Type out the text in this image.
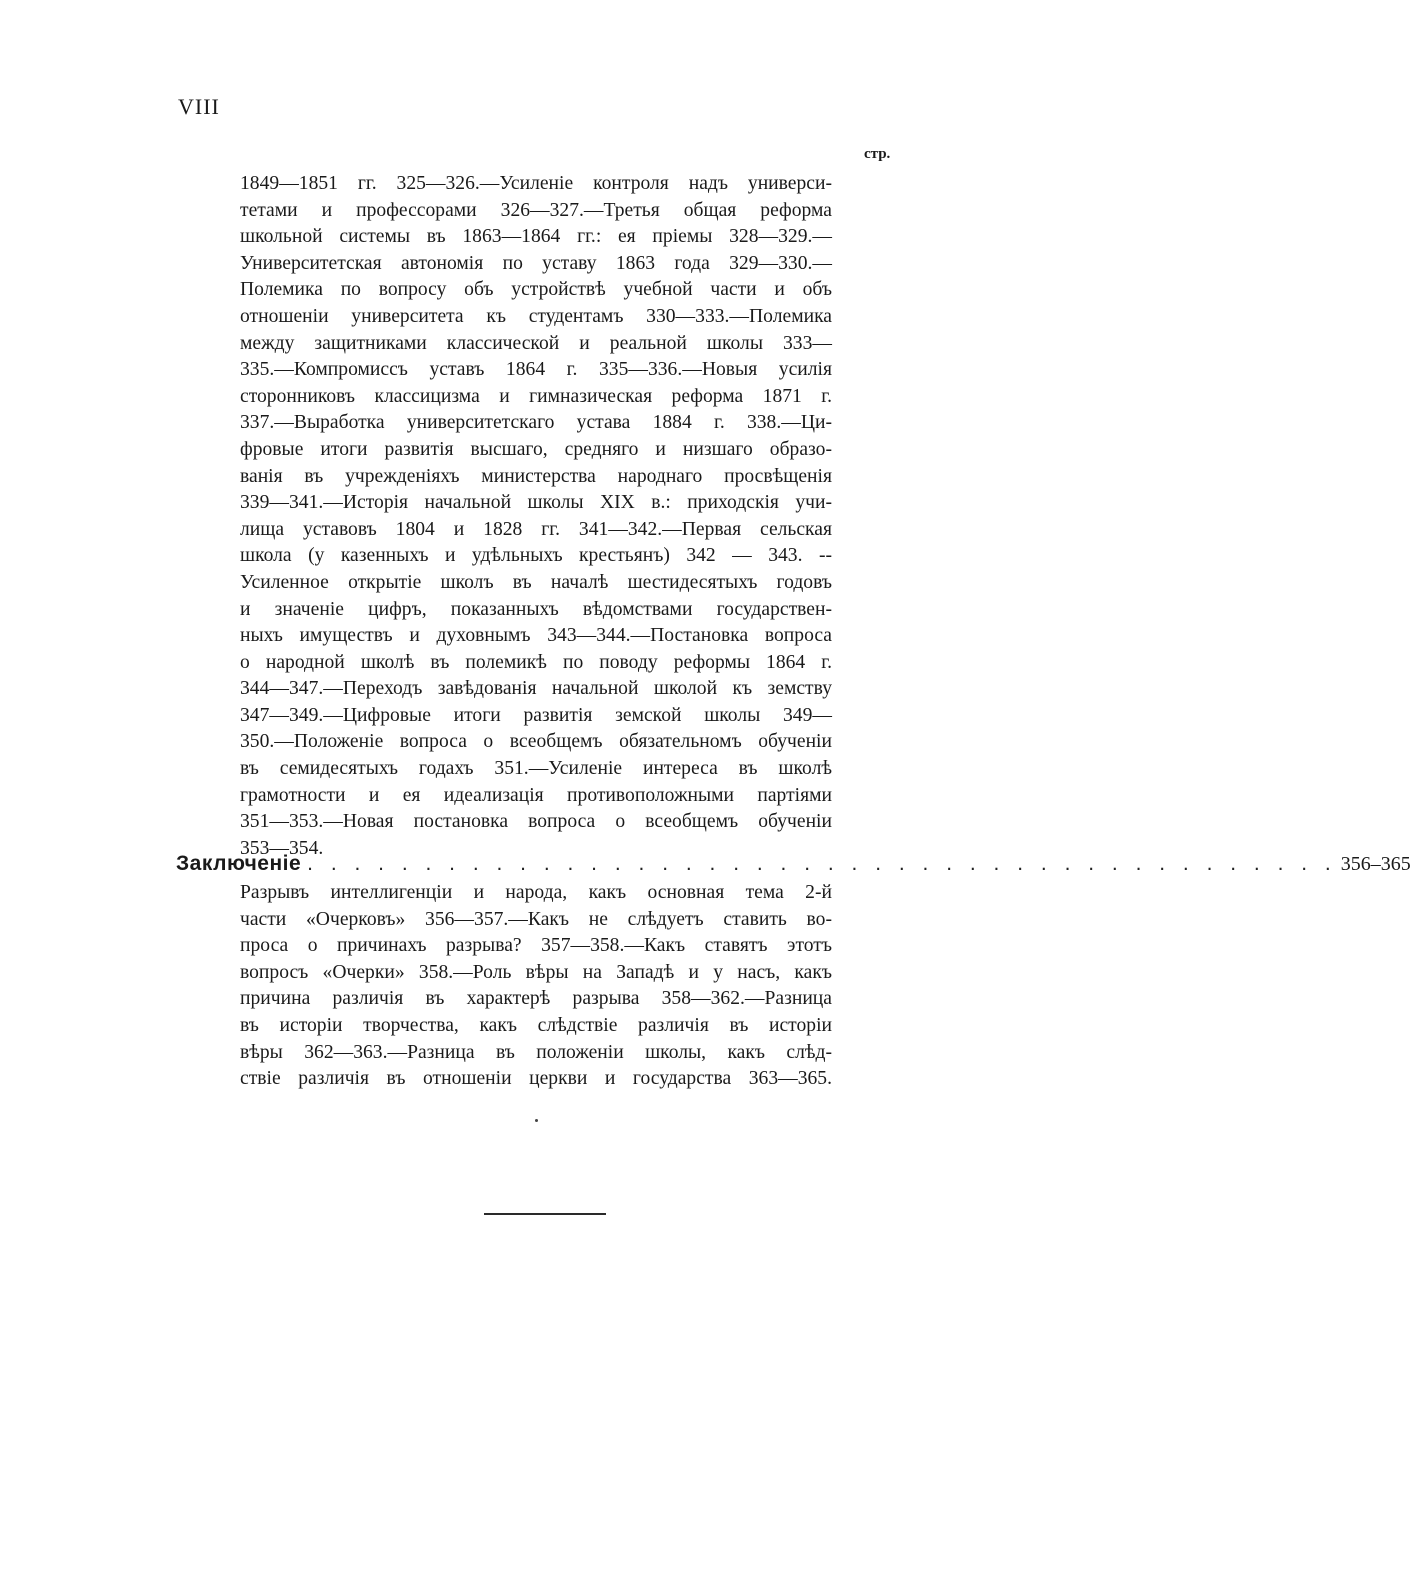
VIII
стр.
1849—1851 гг. 325—326.—Усиленіе контроля надъ универси-
тетами и профессорами 326—327.—Третья общая реформа
школьной системы въ 1863—1864 гг.: ея пріемы 328—329.—
Университетская автономія по уставу 1863 года 329—330.—
Полемика по вопросу объ устройствѣ учебной части и объ
отношеніи университета къ студентамъ 330—333.—Полемика
между защитниками классической и реальной школы 333—
335.—Компромиссъ уставъ 1864 г. 335—336.—Новыя усилія
сторонниковъ классицизма и гимназическая реформа 1871 г.
337.—Выработка университетскаго устава 1884 г. 338.—Ци-
фровые итоги развитія высшаго, средняго и низшаго образо-
ванія въ учрежденіяхъ министерства народнаго просвѣщенія
339—341.—Исторія начальной школы XIX в.: приходскія учи-
лища уставовъ 1804 и 1828 гг. 341—342.—Первая сельская
школа (у казенныхъ и удѣльныхъ крестьянъ) 342 — 343. --
Усиленное открытіе школъ въ началѣ шестидесятыхъ годовъ
и значеніе цифръ, показанныхъ вѣдомствами государствен-
ныхъ имуществъ и духовнымъ 343—344.—Постановка вопроса
о народной школѣ въ полемикѣ по поводу реформы 1864 г.
344—347.—Переходъ завѣдованія начальной школой къ земству
347—349.—Цифровые итоги развитія земской школы 349—
350.—Положеніе вопроса о всеобщемъ обязательномъ обученіи
въ семидесятыхъ годахъ 351.—Усиленіе интереса въ школѣ
грамотности и ея идеализація противоположными партіями
351—353.—Новая постановка вопроса о всеобщемъ обученіи
353—354.
Заключеніе . . . . . . . . . . . . . . . . . . . . . . . . . . . . . . . . . . . . . . . . . . . . 356–365
Разрывъ интеллигенціи и народа, какъ основная тема 2-й
части «Очерковъ» 356—357.—Какъ не слѣдуетъ ставить во-
проса о причинахъ разрыва? 357—358.—Какъ ставятъ этотъ
вопросъ «Очерки» 358.—Роль вѣры на Западѣ и у насъ, какъ
причина различія въ характерѣ разрыва 358—362.—Разница
въ исторіи творчества, какъ слѣдствіе различія въ исторіи
вѣры 362—363.—Разница въ положеніи школы, какъ слѣд-
ствіе различія въ отношеніи церкви и государства 363—365.
